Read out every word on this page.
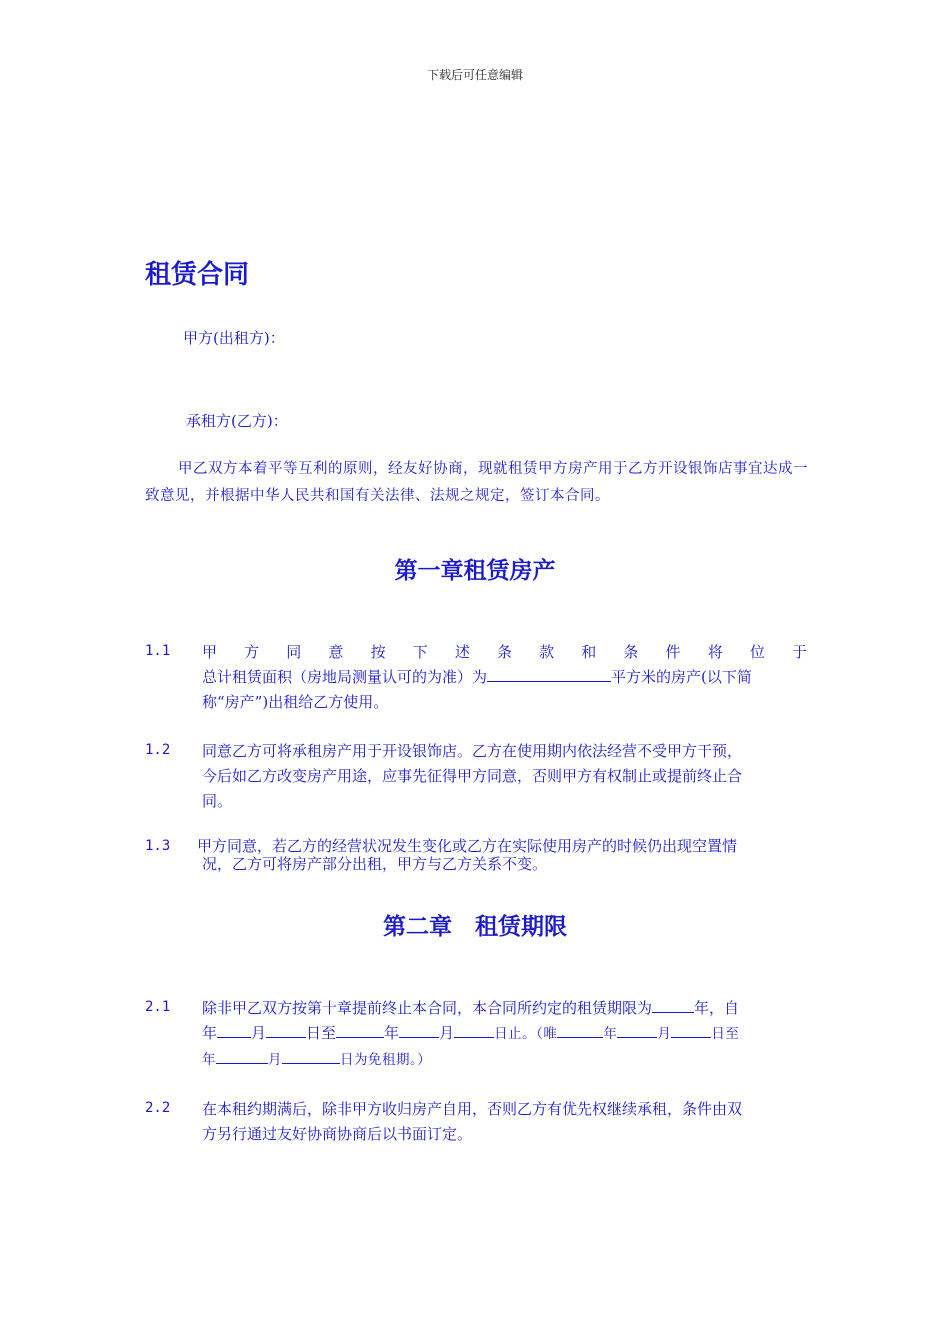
下载后可任意编辑
租赁合同
甲方(出租方)：
承租方(乙方)：
甲乙双方本着平等互利的原则，经友好协商，现就租赁甲方房产用于乙方开设银饰店事宜达成一致意见，并根据中华人民共和国有关法律、法规之规定，签订本合同。
第一章租赁房产
1.1 甲 方 同 意 按 下 述 条 款 和 条 件 将 位 于
总计租赁面积（房地局测量认可的为准）为	平方米的房产(以下简
称“房产”)出租给乙方使用。
1.2 同意乙方可将承租房产用于开设银饰店。乙方在使用期内依法经营不受甲方干预，
今后如乙方改变房产用途，应事先征得甲方同意，否则甲方有权制止或提前终止合
同。
1.3 甲方同意，若乙方的经营状况发生变化或乙方在实际使用房产的时候仍出现空置情
况，乙方可将房产部分出租，甲方与乙方关系不变。
第二章　租赁期限
2.1 除非甲乙双方按第十章提前终止本合同，本合同所约定的租赁期限为	年，自
年 月	日至	年	月	日止。（唯	年	月	日至
年	月	日为免租期。）
2.2 在本租约期满后，除非甲方收归房产自用，否则乙方有优先权继续承租，条件由双
方另行通过友好协商协商后以书面订定。
